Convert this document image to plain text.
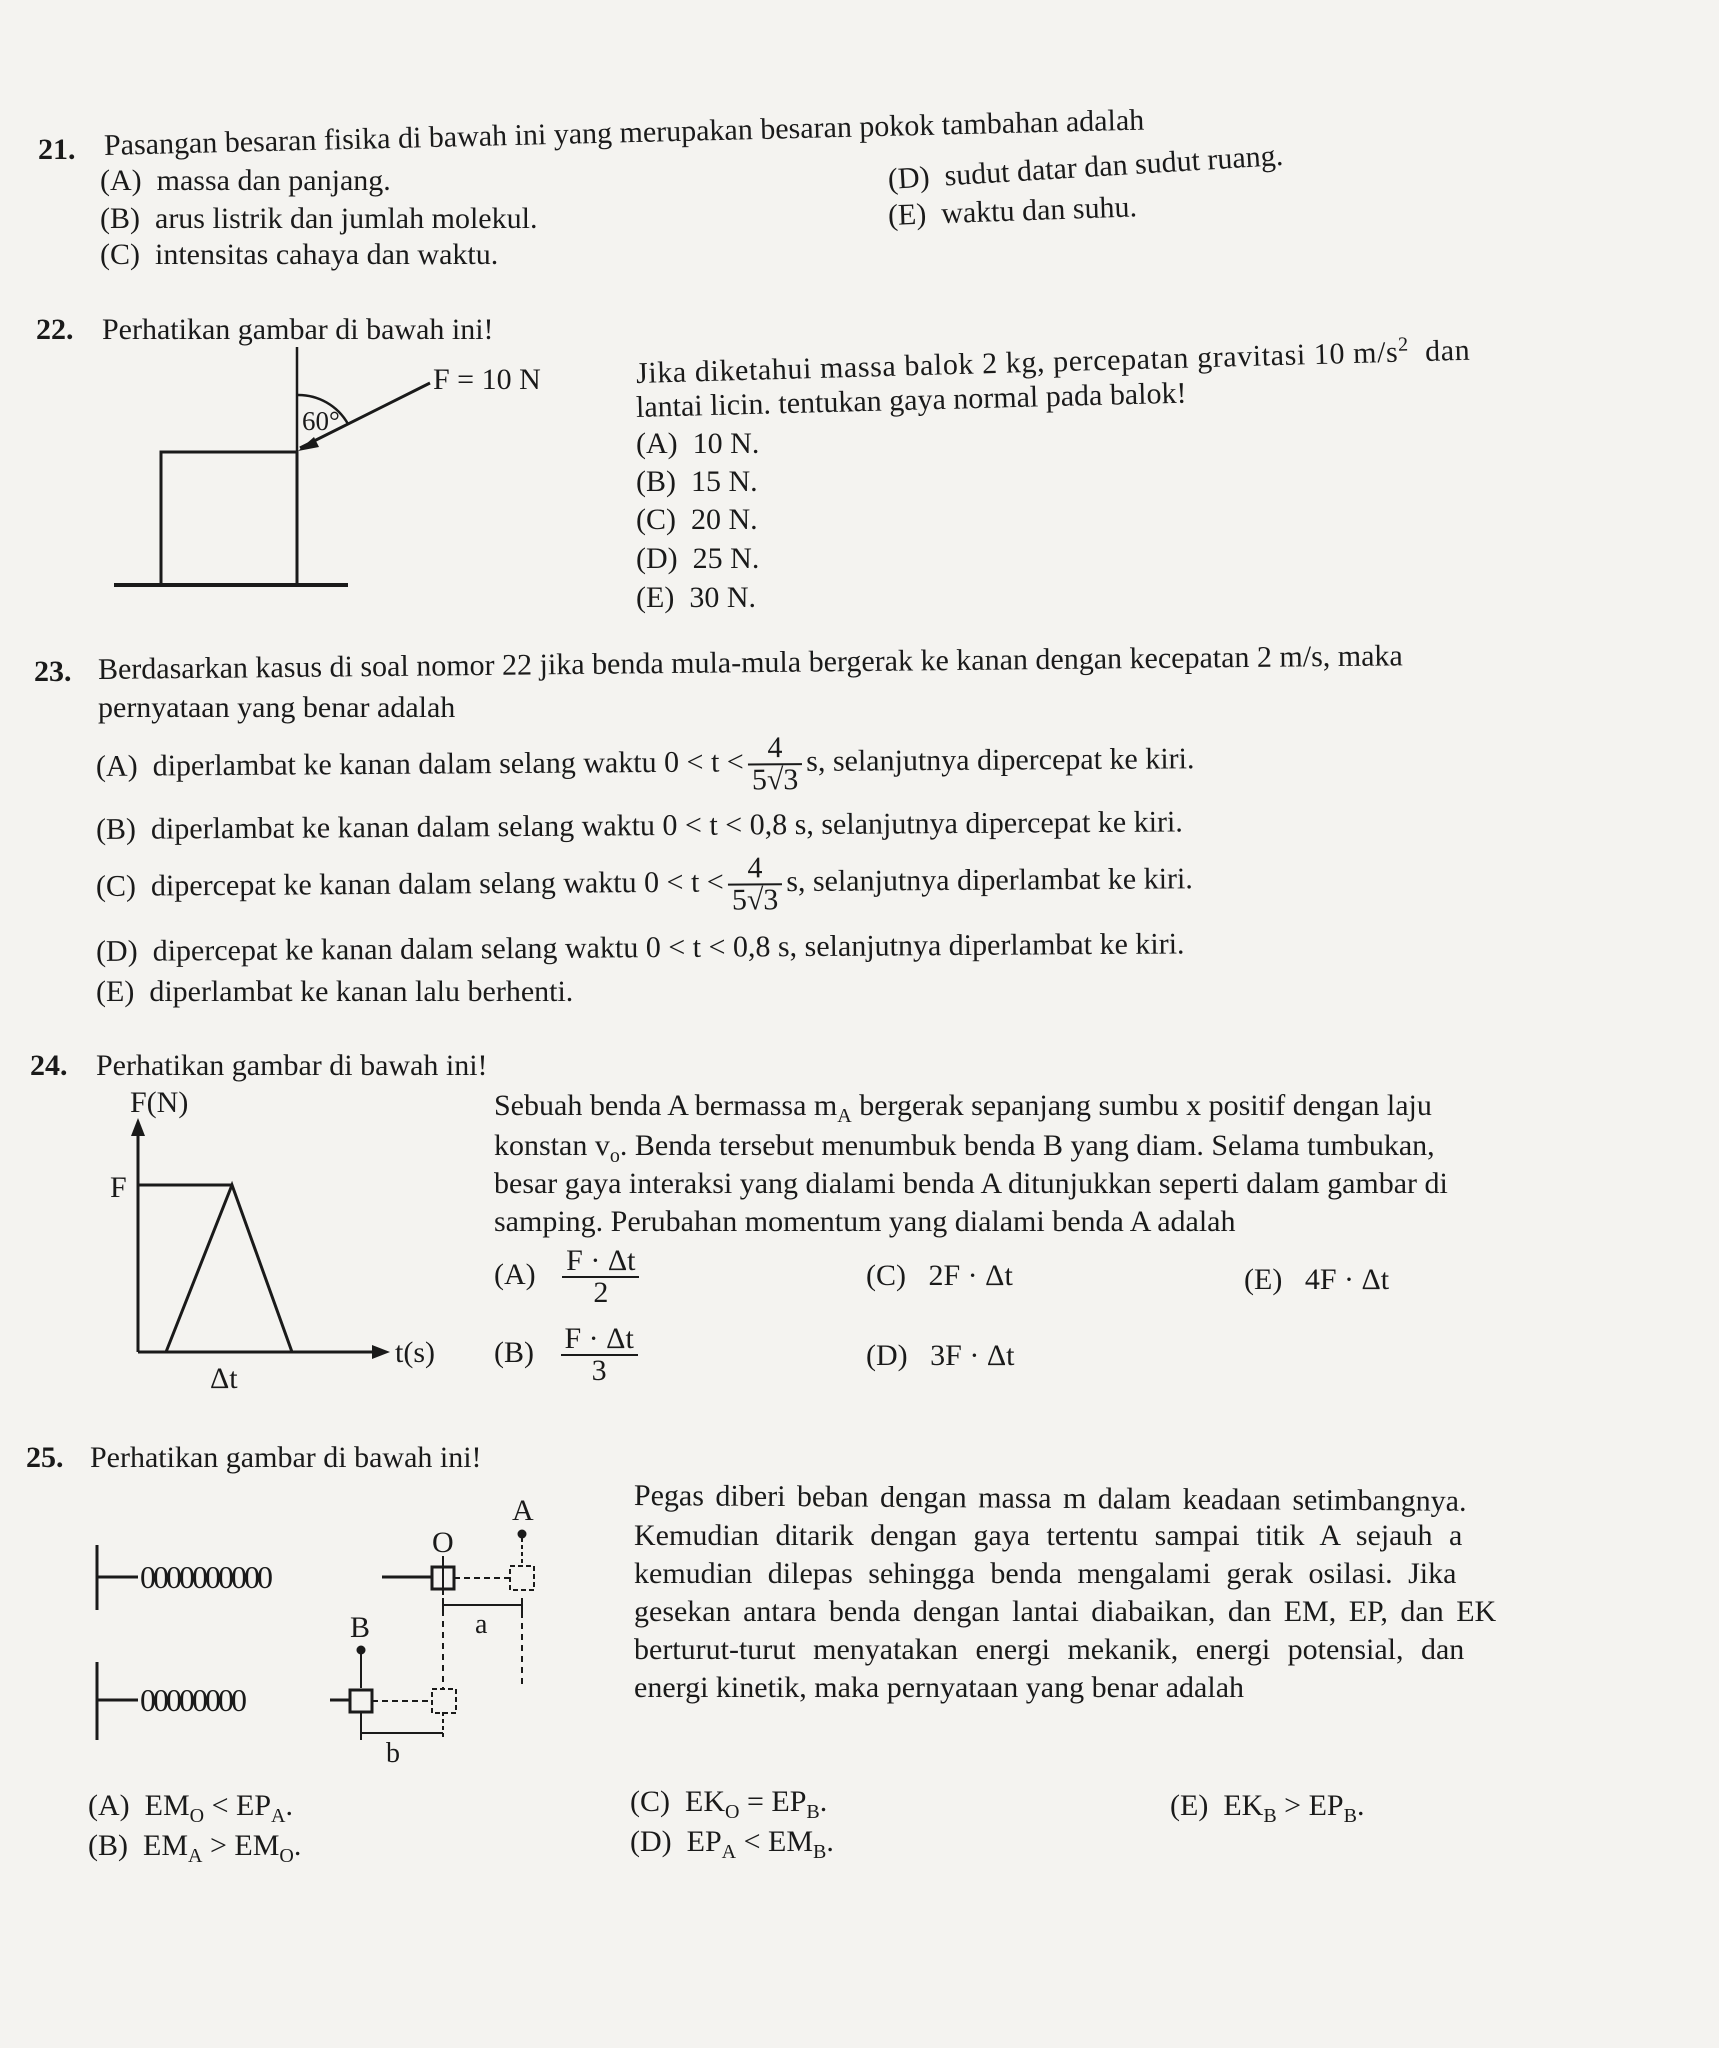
21. Pasangan besaran fisika di bawah ini yang merupakan besaran pokok tambahan adalah
(A) massa dan panjang.
(B) arus listrik dan jumlah molekul.
(C) intensitas cahaya dan waktu.
(D) sudut datar dan sudut ruang.
(E) waktu dan suhu.
22. Perhatikan gambar di bawah ini!
F = 10 N
60°
Jika diketahui massa balok 2 kg, percepatan gravitasi 10 $m/s^2$ dan
lantai licin. tentukan gaya normal pada balok!
(A) 10 N.
(B) 15 N.
(C) 20 N.
(D) 25 N.
(E) 30 N.
23. Berdasarkan kasus di soal nomor 22 jika benda mula-mula bergerak ke kanan dengan kecepatan 2 m/s, maka
pernyataan yang benar adalah
(A) diperlambat ke kanan dalam selang waktu $0 < t < \frac{4}{5√3} s$, selanjutnya dipercepat ke kiri.
(B) diperlambat ke kanan dalam selang waktu 0 < t < 0,8 s, selanjutnya dipercepat ke kiri.
(C) dipercepat ke kanan dalam selang waktu $0 < t < \frac{4}{5√3} s$, selanjutnya diperlambat ke kiri.
(D) dipercepat ke kanan dalam selang waktu 0 < t < 0,8 s, selanjutnya diperlambat ke kiri.
(E) diperlambat ke kanan lalu berhenti.
24. Perhatikan gambar di bawah ini!
F(N)
F
t(s)
Δt
Sebuah benda A bermassa $m_A$ bergerak sepanjang sumbu x positif dengan laju
konstan $v_o$. Benda tersebut menumbuk benda B yang diam. Selama tumbukan,
besar gaya interaksi yang dialami benda A ditunjukkan seperti dalam gambar di
samping. Perubahan momentum yang dialami benda A adalah
$(A) \frac{F \cdot \Delta t}{2}$
$(B) \frac{F \cdot \Delta t}{3}$
(C) 2F · Δt
(D) 3F · Δt
(E) 4F · Δt
25. Perhatikan gambar di bawah ini!
0000000000
A
O
a
00000000
B
b
Pegas diberi beban dengan massa m dalam keadaan setimbangnya.
Kemudian ditarik dengan gaya tertentu sampai titik A sejauh a
kemudian dilepas sehingga benda mengalami gerak osilasi. Jika
gesekan antara benda dengan lantai diabaikan, dan EM, EP, dan EK
berturut-turut menyatakan energi mekanik, energi potensial, dan
energi kinetik, maka pernyataan yang benar adalah
(A) $EM_O < EP_A$.
(B) $EM_A > EM_O$.
(C) $EK_O = EP_B$.
(D) $EP_A < EM_B$.
(E) $EK_B > EP_B$.
